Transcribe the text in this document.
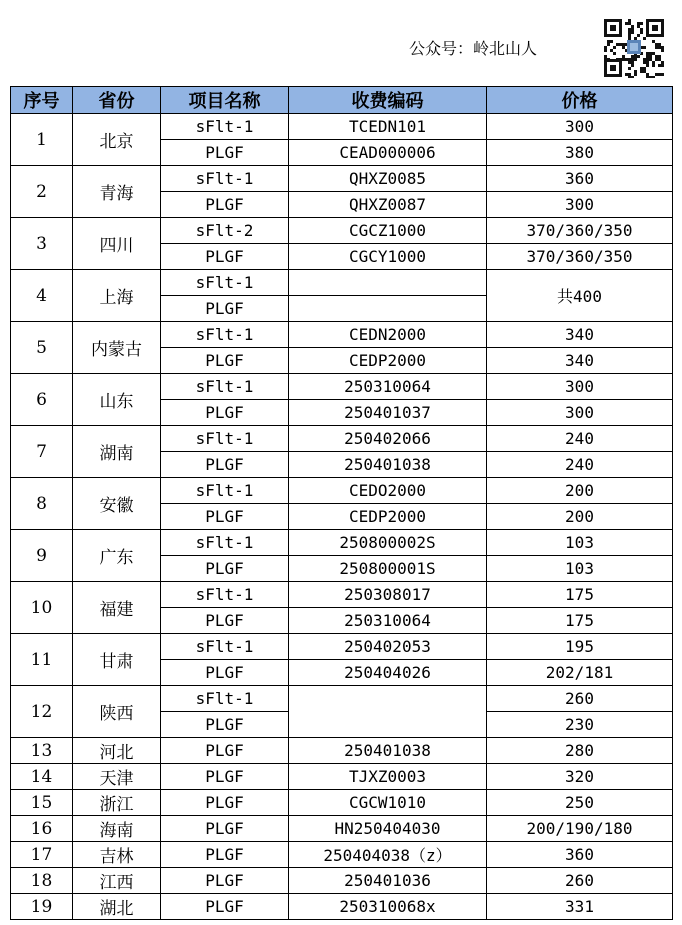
公众号：岭北山人
序号	省份	项目名称	收费编码	价格
1	北京	sFlt-1	TCEDN101	300
		PLGF	CEAD000006	380
2	青海	sFlt-1	QHXZ0085	360
		PLGF	QHXZ0087	300
3	四川	sFlt-2	CGCZ1000	370/360/350
		PLGF	CGCY1000	370/360/350
4	上海	sFlt-1		共400
		PLGF		
5	内蒙古	sFlt-1	CEDN2000	340
		PLGF	CEDP2000	340
6	山东	sFlt-1	250310064	300
		PLGF	250401037	300
7	湖南	sFlt-1	250402066	240
		PLGF	250401038	240
8	安徽	sFlt-1	CEDO2000	200
		PLGF	CEDP2000	200
9	广东	sFlt-1	250800002S	103
		PLGF	250800001S	103
10	福建	sFlt-1	250308017	175
		PLGF	250310064	175
11	甘肃	sFlt-1	250402053	195
		PLGF	250404026	202/181
12	陕西	sFlt-1		260
		PLGF		230
13	河北	PLGF	250401038	280
14	天津	PLGF	TJXZ0003	320
15	浙江	PLGF	CGCW1010	250
16	海南	PLGF	HN250404030	200/190/180
17	吉林	PLGF	250404038（z）	360
18	江西	PLGF	250401036	260
19	湖北	PLGF	250310068x	331
